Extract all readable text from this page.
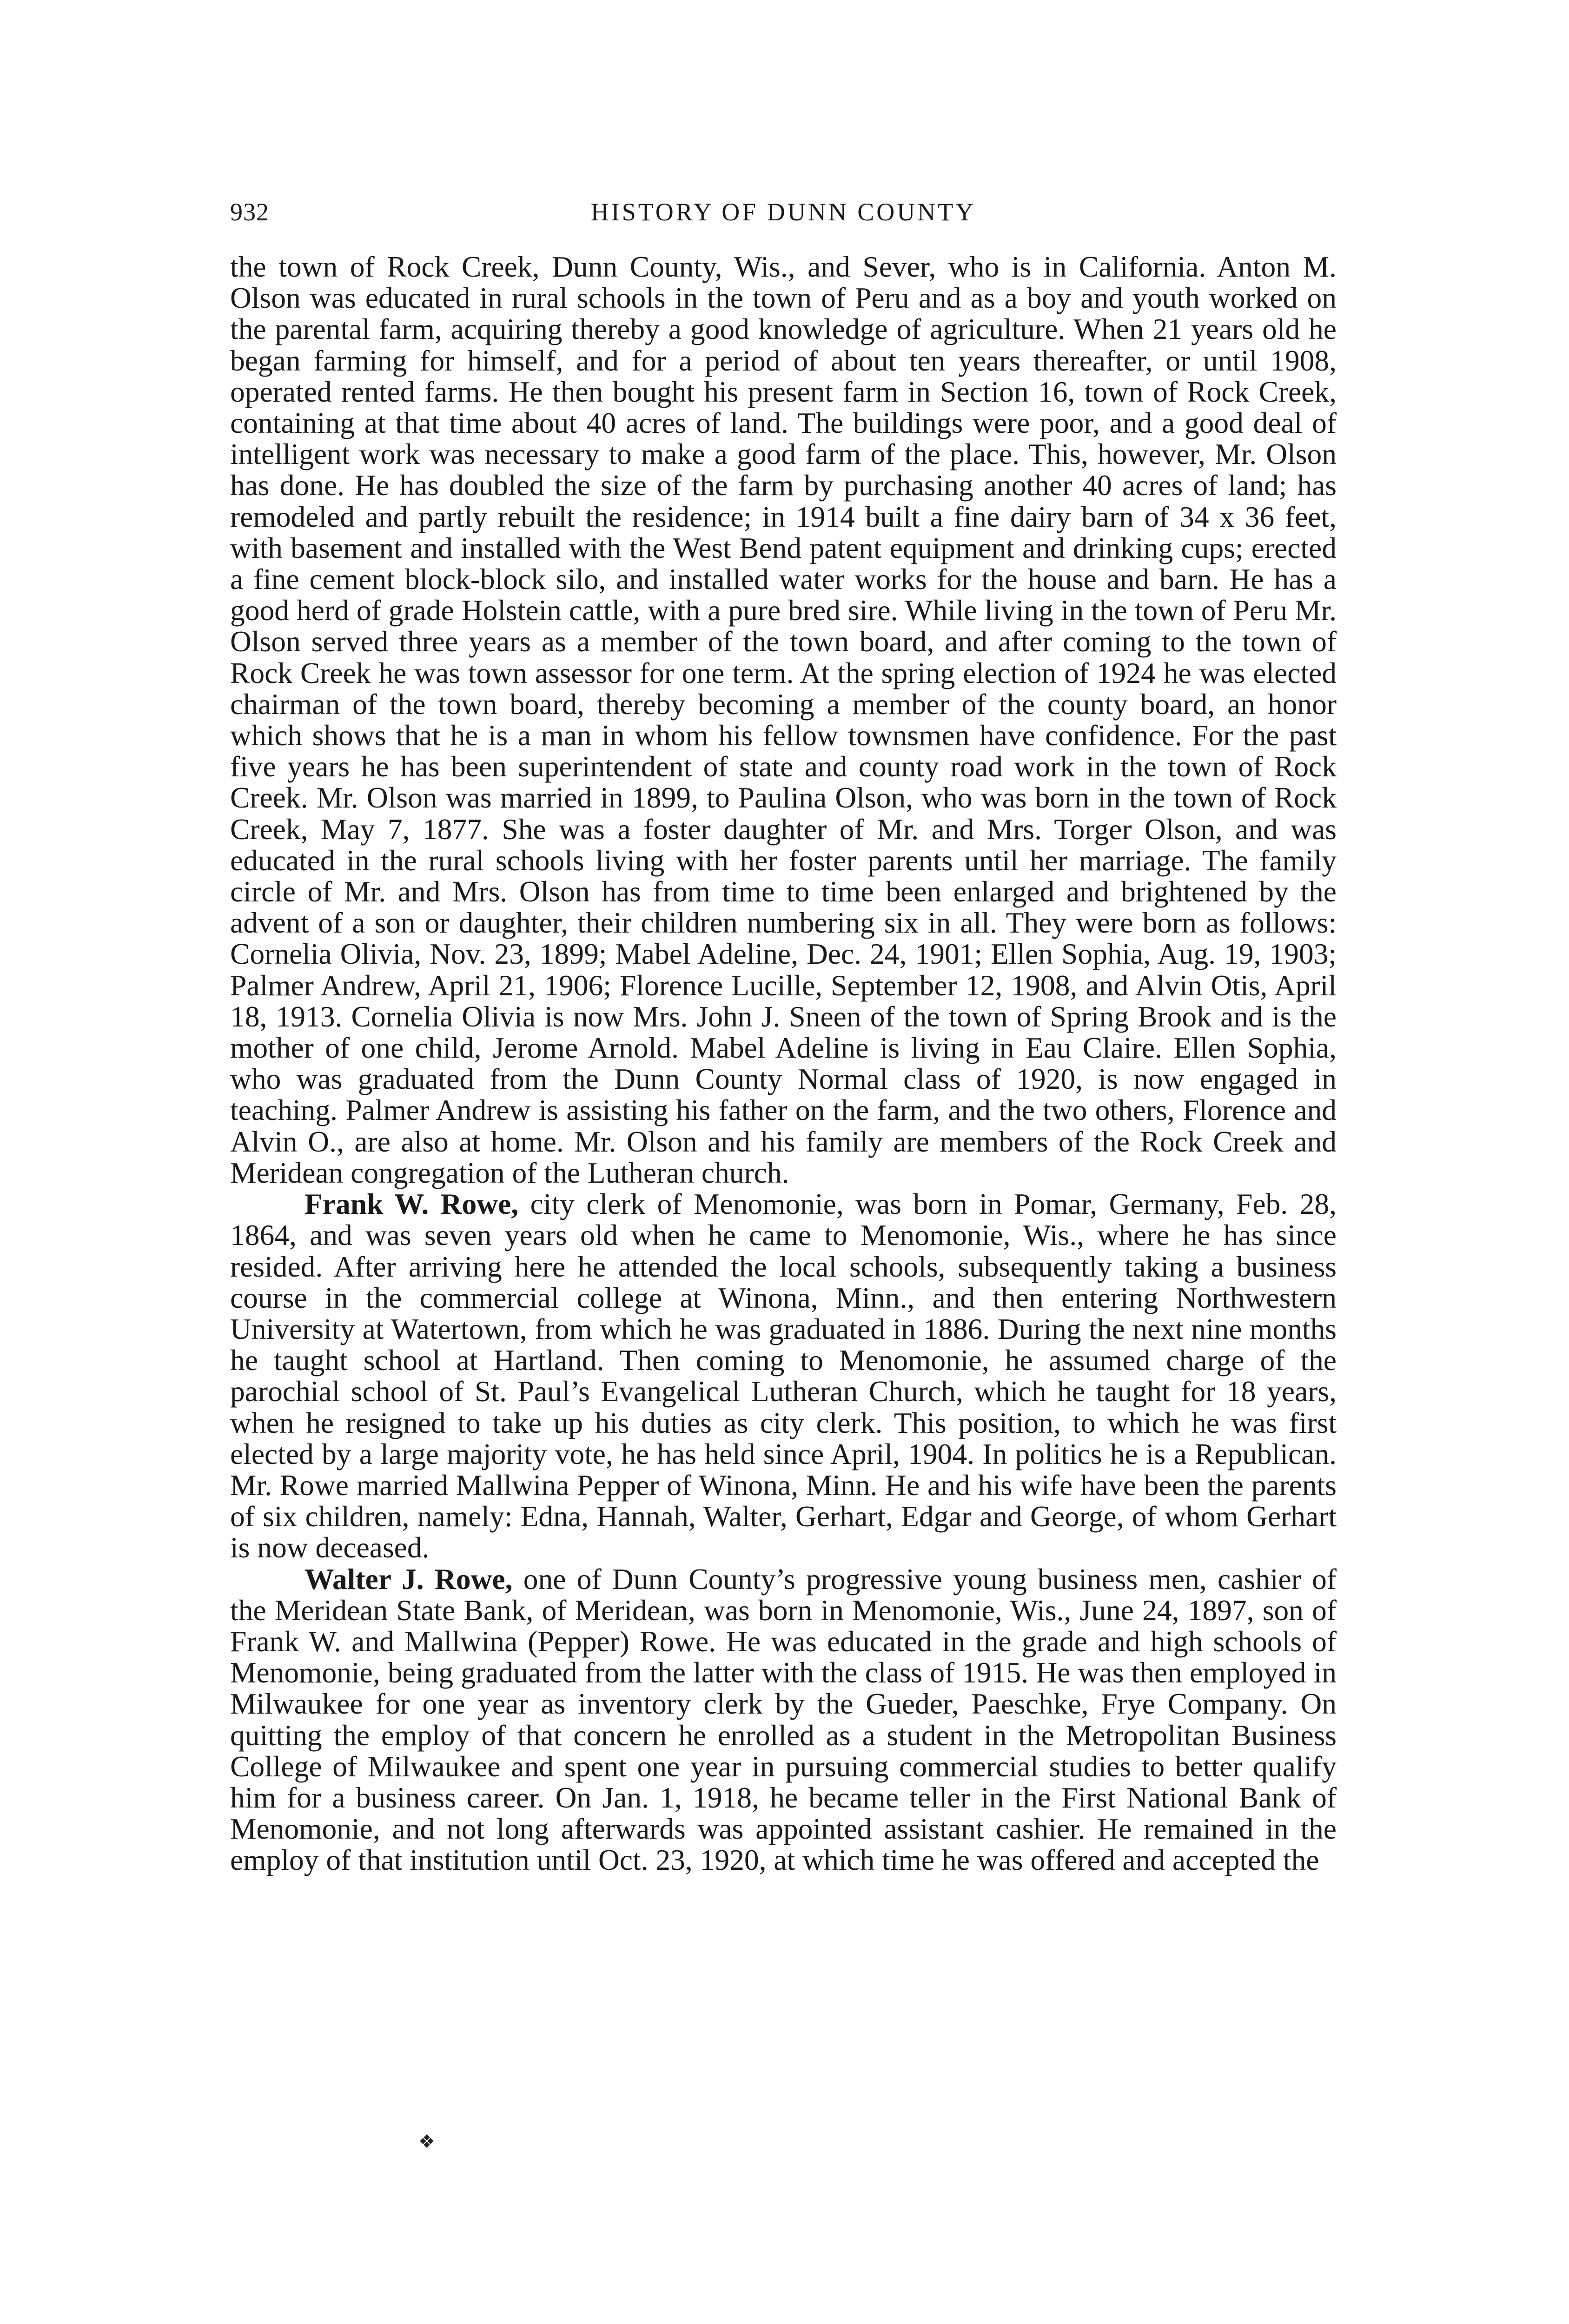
932	HISTORY OF DUNN COUNTY

the town of Rock Creek, Dunn County, Wis., and Sever, who is in California. Anton M. Olson was educated in rural schools in the town of Peru and as a boy and youth worked on the parental farm, acquiring thereby a good knowledge of agriculture. When 21 years old he began farming for himself, and for a period of about ten years thereafter, or until 1908, operated rented farms. He then bought his present farm in Section 16, town of Rock Creek, containing at that time about 40 acres of land. The buildings were poor, and a good deal of intelligent work was necessary to make a good farm of the place. This, however, Mr. Olson has done. He has doubled the size of the farm by purchasing another 40 acres of land; has remodeled and partly rebuilt the residence; in 1914 built a fine dairy barn of 34 x 36 feet, with basement and installed with the West Bend patent equipment and drinking cups; erected a fine cement block-block silo, and installed water works for the house and barn. He has a good herd of grade Holstein cattle, with a pure bred sire. While living in the town of Peru Mr. Olson served three years as a member of the town board, and after coming to the town of Rock Creek he was town assessor for one term. At the spring election of 1924 he was elected chairman of the town board, thereby becoming a member of the county board, an honor which shows that he is a man in whom his fellow townsmen have confidence. For the past five years he has been superintendent of state and county road work in the town of Rock Creek. Mr. Olson was married in 1899, to Paulina Olson, who was born in the town of Rock Creek, May 7, 1877. She was a foster daughter of Mr. and Mrs. Torger Olson, and was educated in the rural schools living with her foster parents until her marriage. The family circle of Mr. and Mrs. Olson has from time to time been enlarged and brightened by the advent of a son or daughter, their children numbering six in all. They were born as follows: Cornelia Olivia, Nov. 23, 1899; Mabel Adeline, Dec. 24, 1901; Ellen Sophia, Aug. 19, 1903; Palmer Andrew, April 21, 1906; Florence Lucille, September 12, 1908, and Alvin Otis, April 18, 1913. Cornelia Olivia is now Mrs. John J. Sneen of the town of Spring Brook and is the mother of one child, Jerome Arnold. Mabel Adeline is living in Eau Claire. Ellen Sophia, who was graduated from the Dunn County Normal class of 1920, is now engaged in teaching. Palmer Andrew is assisting his father on the farm, and the two others, Florence and Alvin O., are also at home. Mr. Olson and his family are members of the Rock Creek and Meridean congregation of the Lutheran church.

Frank W. Rowe, city clerk of Menomonie, was born in Pomar, Germany, Feb. 28, 1864, and was seven years old when he came to Menomonie, Wis., where he has since resided. After arriving here he attended the local schools, subsequently taking a business course in the commercial college at Winona, Minn., and then entering Northwestern University at Watertown, from which he was graduated in 1886. During the next nine months he taught school at Hartland. Then coming to Menomonie, he assumed charge of the parochial school of St. Paul’s Evangelical Lutheran Church, which he taught for 18 years, when he resigned to take up his duties as city clerk. This position, to which he was first elected by a large majority vote, he has held since April, 1904. In politics he is a Republican. Mr. Rowe married Mallwina Pepper of Winona, Minn. He and his wife have been the parents of six children, namely: Edna, Hannah, Walter, Gerhart, Edgar and George, of whom Gerhart is now deceased.

Walter J. Rowe, one of Dunn County’s progressive young business men, cashier of the Meridean State Bank, of Meridean, was born in Menomonie, Wis., June 24, 1897, son of Frank W. and Mallwina (Pepper) Rowe. He was educated in the grade and high schools of Menomonie, being graduated from the latter with the class of 1915. He was then employed in Milwaukee for one year as inventory clerk by the Gueder, Paeschke, Frye Company. On quitting the employ of that concern he enrolled as a student in the Metropolitan Business College of Milwaukee and spent one year in pursuing commercial studies to better qualify him for a business career. On Jan. 1, 1918, he became teller in the First National Bank of Menomonie, and not long afterwards was appointed assistant cashier. He remained in the employ of that institution until Oct. 23, 1920, at which time he was offered and accepted the

❖
